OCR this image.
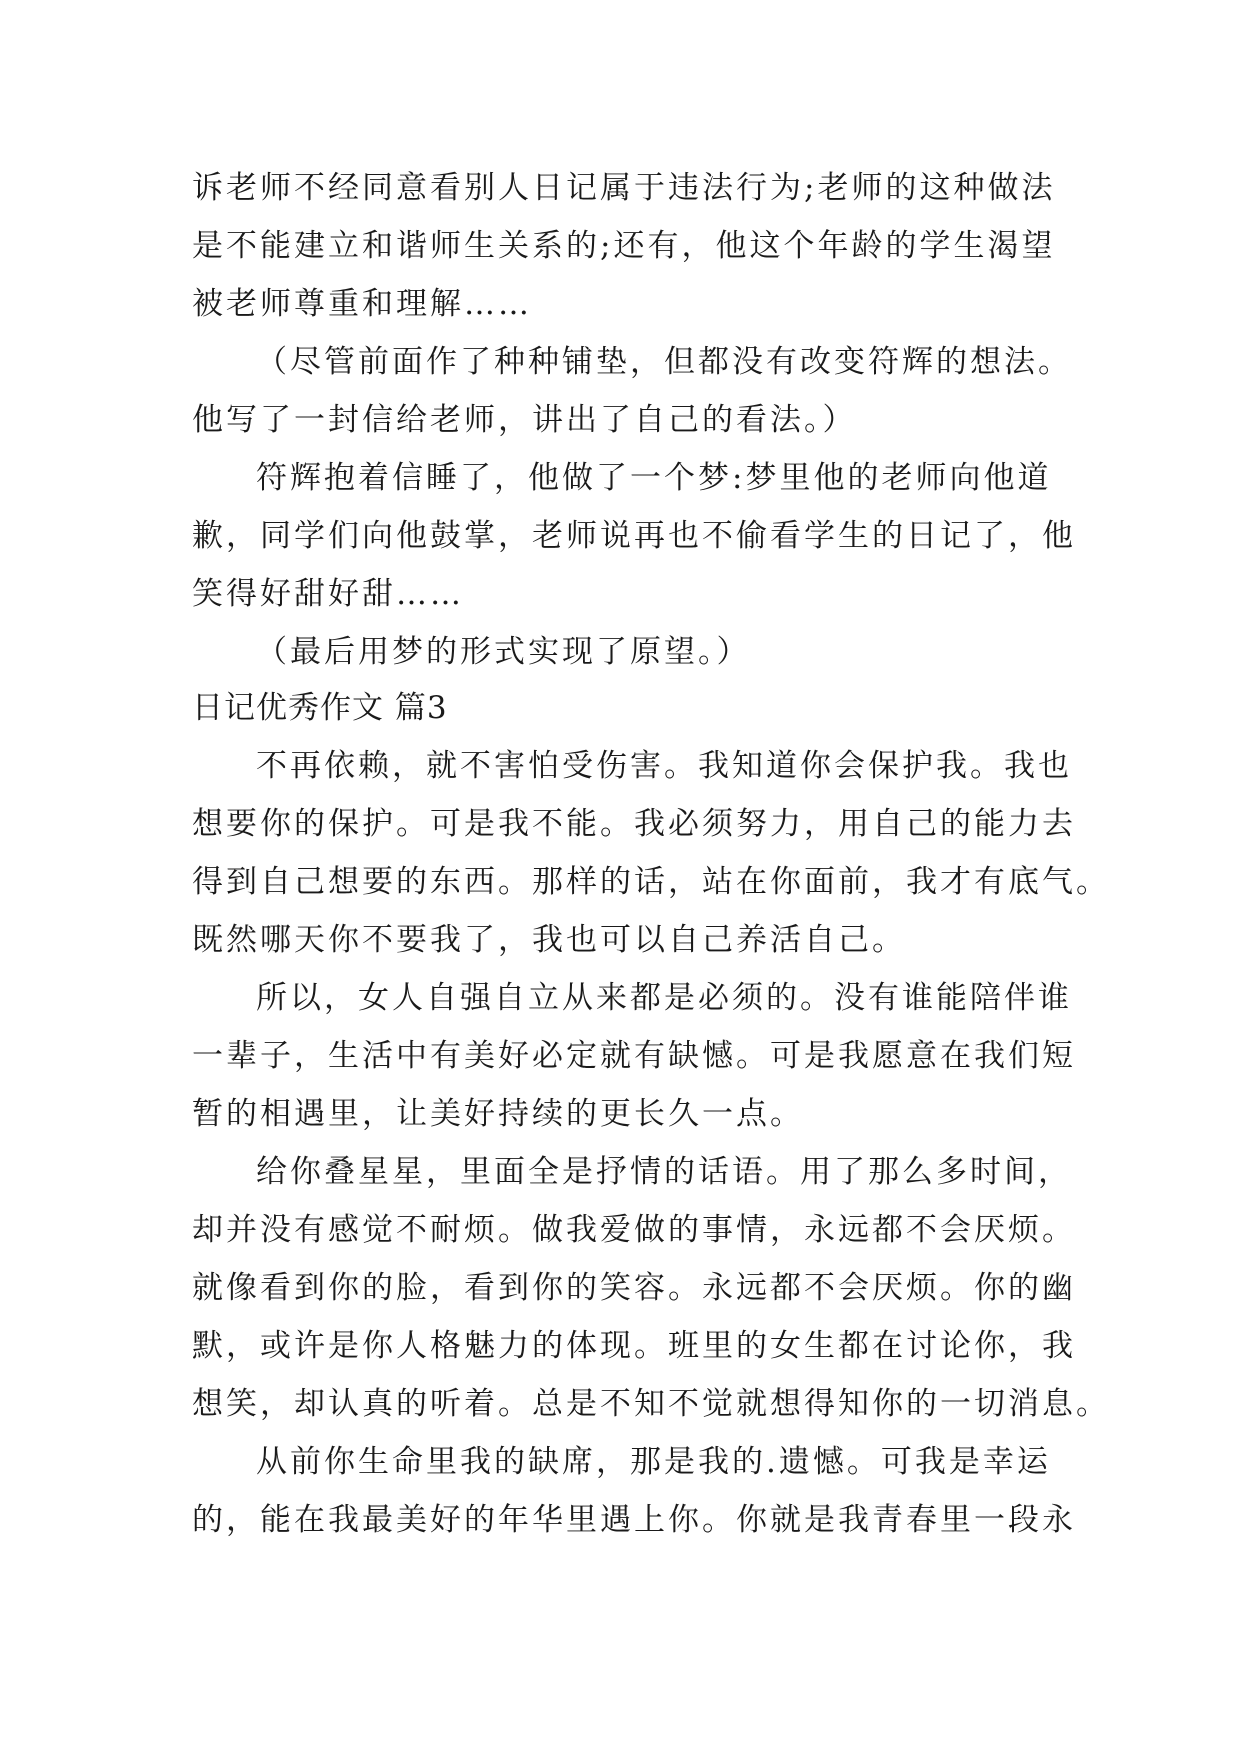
诉老师不经同意看别人日记属于违法行为;老师的这种做法
是不能建立和谐师生关系的;还有，他这个年龄的学生渴望
被老师尊重和理解……
（尽管前面作了种种铺垫，但都没有改变符辉的想法。
他写了一封信给老师，讲出了自己的看法。）
符辉抱着信睡了，他做了一个梦:梦里他的老师向他道
歉，同学们向他鼓掌，老师说再也不偷看学生的日记了，他
笑得好甜好甜……
（最后用梦的形式实现了原望。）
日记优秀作文 篇3
不再依赖，就不害怕受伤害。我知道你会保护我。我也
想要你的保护。可是我不能。我必须努力，用自己的能力去
得到自己想要的东西。那样的话，站在你面前，我才有底气。
既然哪天你不要我了，我也可以自己养活自己。
所以，女人自强自立从来都是必须的。没有谁能陪伴谁
一辈子，生活中有美好必定就有缺憾。可是我愿意在我们短
暂的相遇里，让美好持续的更长久一点。
给你叠星星，里面全是抒情的话语。用了那么多时间，
却并没有感觉不耐烦。做我爱做的事情，永远都不会厌烦。
就像看到你的脸，看到你的笑容。永远都不会厌烦。你的幽
默，或许是你人格魅力的体现。班里的女生都在讨论你，我
想笑，却认真的听着。总是不知不觉就想得知你的一切消息。
从前你生命里我的缺席，那是我的.遗憾。可我是幸运
的，能在我最美好的年华里遇上你。你就是我青春里一段永
